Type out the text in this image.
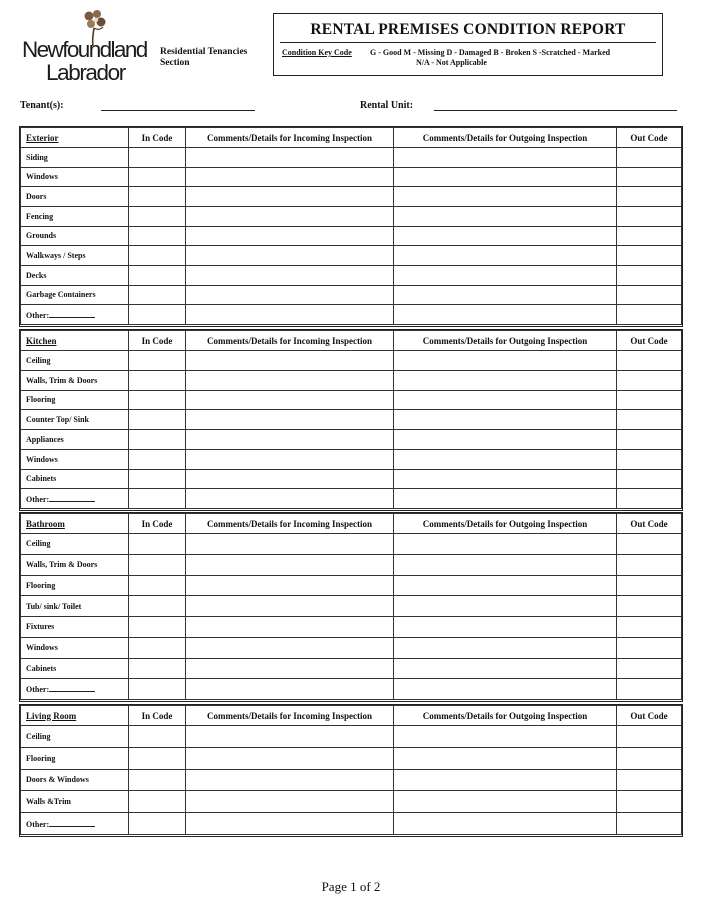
Newfoundland
Labrador
Residential Tenancies
Section
RENTAL PREMISES CONDITION REPORT
Condition Key Code G - Good M - Missing D - Damaged B - Broken S -Scratched - Marked
N/A - Not Applicable
Tenant(s):	Rental Unit:
Exterior	In Code	Comments/Details for Incoming Inspection	Comments/Details for Outgoing Inspection	Out Code
Siding				
Windows				
Doors				
Fencing				
Grounds				
Walkways / Steps				
Decks				
Garbage Containers				
Other:				
Kitchen	In Code	Comments/Details for Incoming Inspection	Comments/Details for Outgoing Inspection	Out Code
Ceiling				
Walls, Trim & Doors				
Flooring				
Counter Top/ Sink				
Appliances				
Windows				
Cabinets				
Other:				
Bathroom	In Code	Comments/Details for Incoming Inspection	Comments/Details for Outgoing Inspection	Out Code
Ceiling				
Walls, Trim & Doors				
Flooring				
Tub/ sink/ Toilet				
Fixtures				
Windows				
Cabinets				
Other:				
Living Room	In Code	Comments/Details for Incoming Inspection	Comments/Details for Outgoing Inspection	Out Code
Ceiling				
Flooring				
Doors & Windows				
Walls &Trim				
Other:				
Page 1 of 2
